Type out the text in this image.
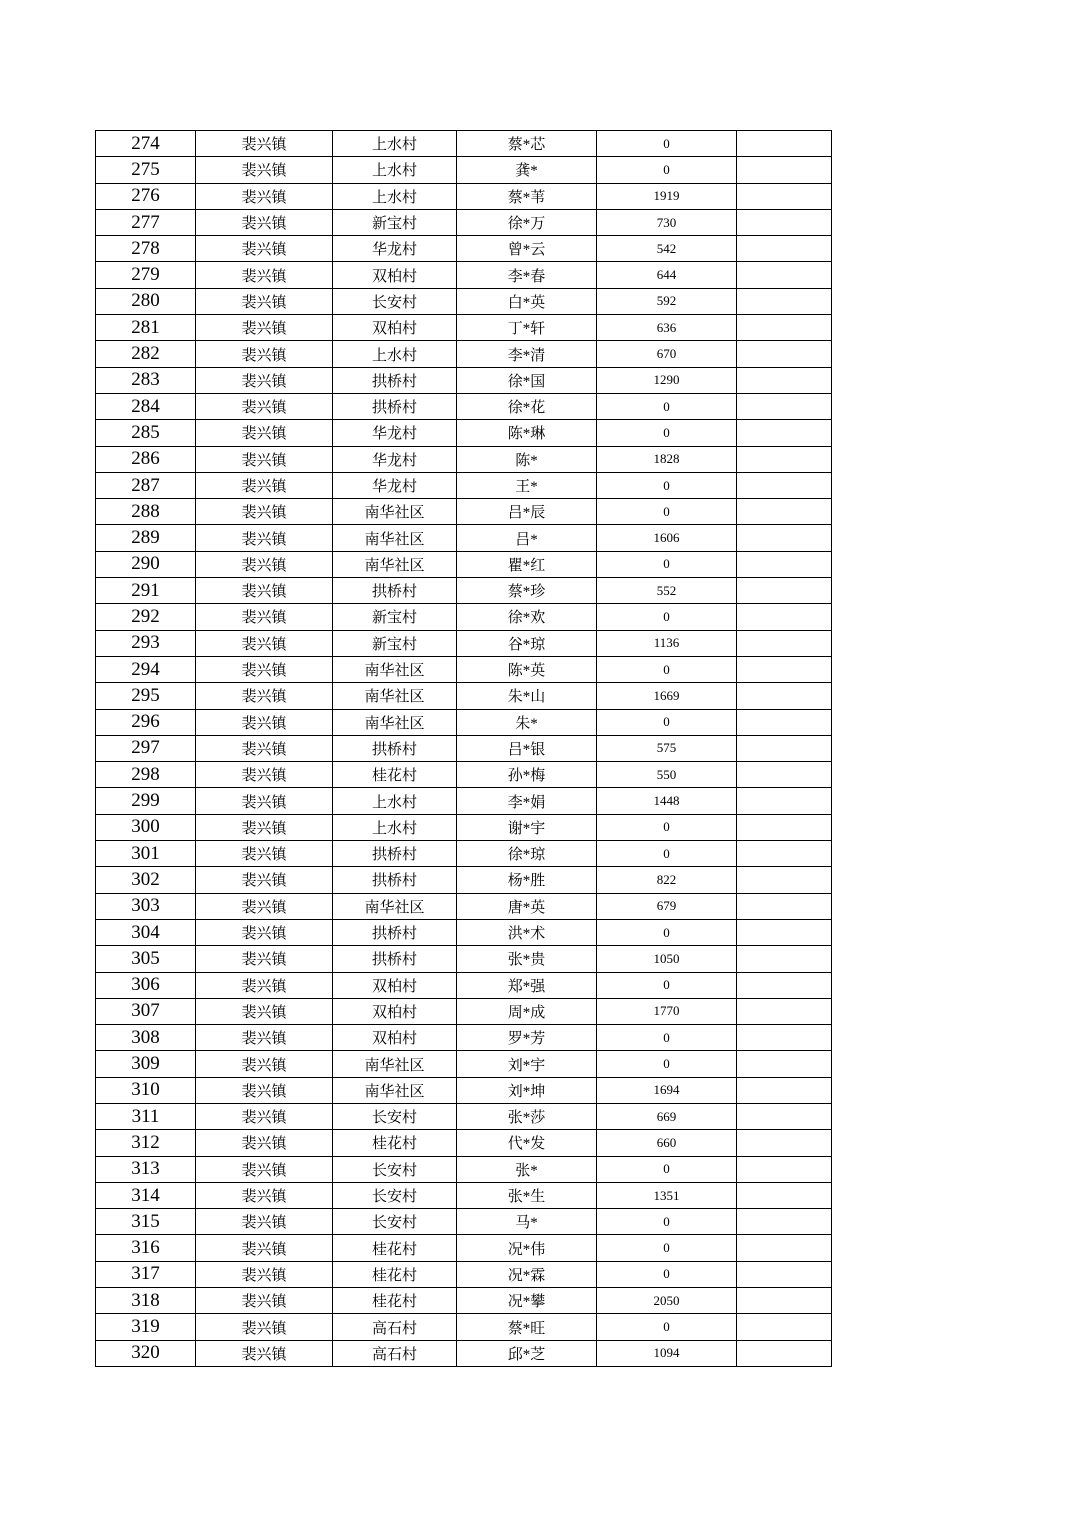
274	裴兴镇	上水村	蔡*芯	0	
275	裴兴镇	上水村	龚*	0	
276	裴兴镇	上水村	蔡*苇	1919	
277	裴兴镇	新宝村	徐*万	730	
278	裴兴镇	华龙村	曾*云	542	
279	裴兴镇	双柏村	李*春	644	
280	裴兴镇	长安村	白*英	592	
281	裴兴镇	双柏村	丁*轩	636	
282	裴兴镇	上水村	李*清	670	
283	裴兴镇	拱桥村	徐*国	1290	
284	裴兴镇	拱桥村	徐*花	0	
285	裴兴镇	华龙村	陈*琳	0	
286	裴兴镇	华龙村	陈*	1828	
287	裴兴镇	华龙村	王*	0	
288	裴兴镇	南华社区	吕*辰	0	
289	裴兴镇	南华社区	吕*	1606	
290	裴兴镇	南华社区	瞿*红	0	
291	裴兴镇	拱桥村	蔡*珍	552	
292	裴兴镇	新宝村	徐*欢	0	
293	裴兴镇	新宝村	谷*琼	1136	
294	裴兴镇	南华社区	陈*英	0	
295	裴兴镇	南华社区	朱*山	1669	
296	裴兴镇	南华社区	朱*	0	
297	裴兴镇	拱桥村	吕*银	575	
298	裴兴镇	桂花村	孙*梅	550	
299	裴兴镇	上水村	李*娟	1448	
300	裴兴镇	上水村	谢*宇	0	
301	裴兴镇	拱桥村	徐*琼	0	
302	裴兴镇	拱桥村	杨*胜	822	
303	裴兴镇	南华社区	唐*英	679	
304	裴兴镇	拱桥村	洪*术	0	
305	裴兴镇	拱桥村	张*贵	1050	
306	裴兴镇	双柏村	郑*强	0	
307	裴兴镇	双柏村	周*成	1770	
308	裴兴镇	双柏村	罗*芳	0	
309	裴兴镇	南华社区	刘*宇	0	
310	裴兴镇	南华社区	刘*坤	1694	
311	裴兴镇	长安村	张*莎	669	
312	裴兴镇	桂花村	代*发	660	
313	裴兴镇	长安村	张*	0	
314	裴兴镇	长安村	张*生	1351	
315	裴兴镇	长安村	马*	0	
316	裴兴镇	桂花村	况*伟	0	
317	裴兴镇	桂花村	况*霖	0	
318	裴兴镇	桂花村	况*攀	2050	
319	裴兴镇	高石村	蔡*旺	0	
320	裴兴镇	高石村	邱*芝	1094	
